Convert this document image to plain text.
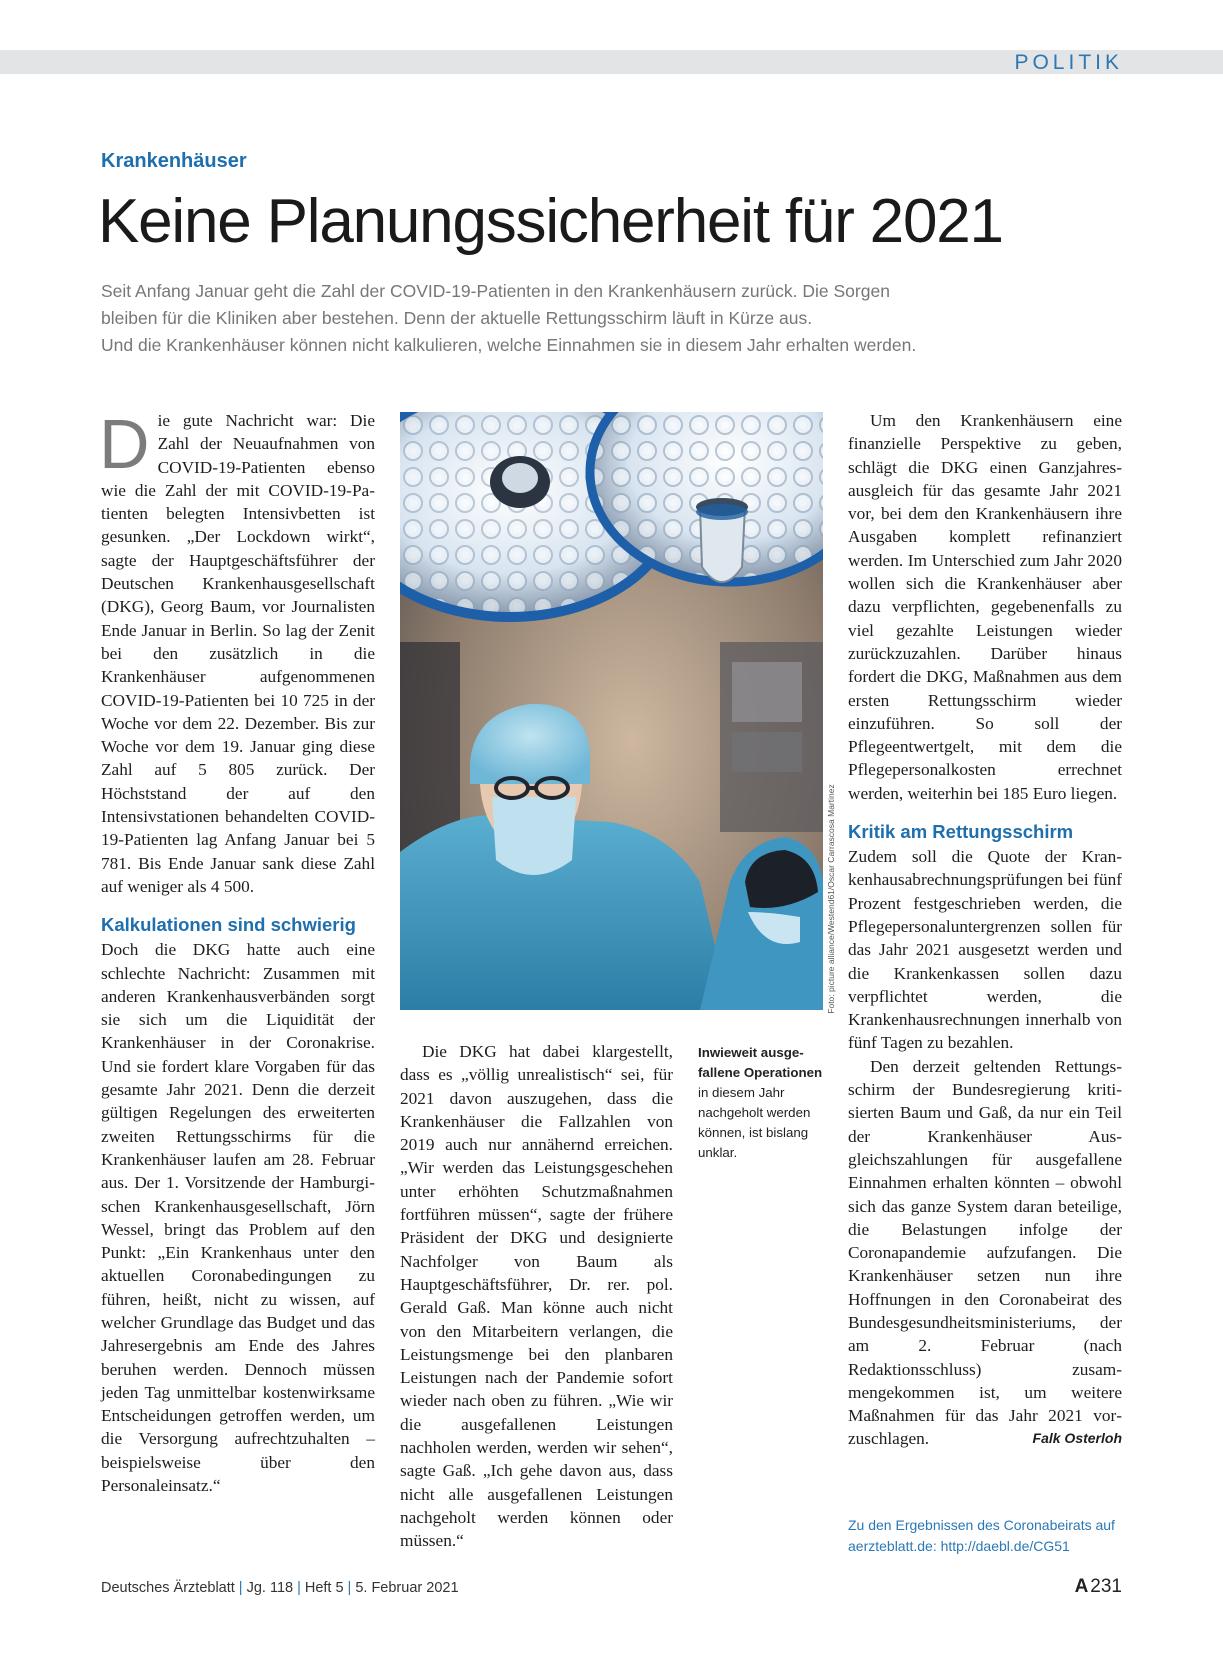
POLITIK
Krankenhäuser
Keine Planungssicherheit für 2021
Seit Anfang Januar geht die Zahl der COVID-19-Patienten in den Krankenhäusern zurück. Die Sorgen
bleiben für die Kliniken aber bestehen. Denn der aktuelle Rettungsschirm läuft in Kürze aus.
Und die Krankenhäuser können nicht kalkulieren, welche Einnahmen sie in diesem Jahr erhalten werden.

Die gute Nachricht war: Die Zahl der Neuaufnahmen von COVID-19-Patienten ebenso wie die Zahl der mit COVID-19-Patienten belegten Intensivbetten ist gesunken. „Der Lockdown wirkt“, sagte der Hauptgeschäftsführer der Deutschen Krankenhausgesellschaft (DKG), Georg Baum, vor Journalisten Ende Januar in Berlin. So lag der Zenit bei den zusätzlich in die Krankenhäuser aufgenommenen COVID-19-Patienten bei 10 725 in der Woche vor dem 22. Dezember. Bis zur Woche vor dem 19. Januar ging diese Zahl auf 5 805 zurück. Der Höchststand der auf den Intensivstationen behandelten COVID-19-Patienten lag Anfang Januar bei 5 781. Bis Ende Januar sank diese Zahl auf weniger als 4 500.

Kalkulationen sind schwierig

Doch die DKG hatte auch eine schlechte Nachricht: Zusammen mit anderen Krankenhausverbänden sorgt sie sich um die Liquidität der Krankenhäuser in der Coronakrise. Und sie fordert klare Vorgaben für das gesamte Jahr 2021. Denn die derzeit gültigen Regelungen des erweiterten zweiten Rettungsschirms für die Krankenhäuser laufen am 28. Februar aus. Der 1. Vorsitzende der Hamburgischen Krankenhausgesellschaft, Jörn Wessel, bringt das Problem auf den Punkt: „Ein Krankenhaus unter den aktuellen Coronabedingungen zu führen, heißt, nicht zu wissen, auf welcher Grundlage das Budget und das Jahresergebnis am Ende des Jahres beruhen werden. Dennoch müssen jeden Tag unmittelbar kostenwirksame Entscheidungen getroffen werden, um die Versorgung aufrechtzuhalten – beispielsweise über den Personaleinsatz.“

Foto: picture alliance/Westend61/Oscar Carrascosa Martinez
Inwieweit ausgefallene Operationen in diesem Jahr nachgeholt werden können, ist bislang unklar.

Die DKG hat dabei klargestellt, dass es „völlig unrealistisch“ sei, für 2021 davon auszugehen, dass die Krankenhäuser die Fallzahlen von 2019 auch nur annähernd erreichen. „Wir werden das Leistungsgeschehen unter erhöhten Schutzmaßnahmen fortführen müssen“, sagte der frühere Präsident der DKG und designierte Nachfolger von Baum als Hauptgeschäftsführer, Dr. rer. pol. Gerald Gaß. Man könne auch nicht von den Mitarbeitern verlangen, die Leistungsmenge bei den planbaren Leistungen nach der Pandemie sofort wieder nach oben zu führen. „Wie wir die ausgefallenen Leistungen nachholen werden, werden wir sehen“, sagte Gaß. „Ich gehe davon aus, dass nicht alle ausgefallenen Leistungen nachgeholt werden können oder müssen.“

Um den Krankenhäusern eine finanzielle Perspektive zu geben, schlägt die DKG einen Ganzjahresausgleich für das gesamte Jahr 2021 vor, bei dem den Krankenhäusern ihre Ausgaben komplett refinanziert werden. Im Unterschied zum Jahr 2020 wollen sich die Krankenhäuser aber dazu verpflichten, gegebenenfalls zu viel gezahlte Leistungen wieder zurückzuzahlen. Darüber hinaus fordert die DKG, Maßnahmen aus dem ersten Rettungsschirm wieder einzuführen. So soll der Pflegeentwertgelt, mit dem die Pflegepersonalkosten errechnet werden, weiterhin bei 185 Euro liegen.

Kritik am Rettungsschirm

Zudem soll die Quote der Krankenhausabrechnungsprüfungen bei fünf Prozent festgeschrieben werden, die Pflegepersonaluntergrenzen sollen für das Jahr 2021 ausgesetzt werden und die Krankenkassen sollen dazu verpflichtet werden, die Krankenhausrechnungen innerhalb von fünf Tagen zu bezahlen.

Den derzeit geltenden Rettungsschirm der Bundesregierung kritisierten Baum und Gaß, da nur ein Teil der Krankenhäuser Ausgleichszahlungen für ausgefallene Einnahmen erhalten könnten – obwohl sich das ganze System daran beteilige, die Belastungen infolge der Coronapandemie aufzufangen. Die Krankenhäuser setzen nun ihre Hoffnungen in den Coronabeirat des Bundesgesundheitsministeriums, der am 2. Februar (nach Redaktionsschluss) zusammengekommen ist, um weitere Maßnahmen für das Jahr 2021 vorzuschlagen.	Falk Osterloh

Zu den Ergebnissen des Coronabeirats auf aerzteblatt.de: http://daebl.de/CG51
Deutsches Ärzteblatt | Jg. 118 | Heft 5 | 5. Februar 2021	A 231
